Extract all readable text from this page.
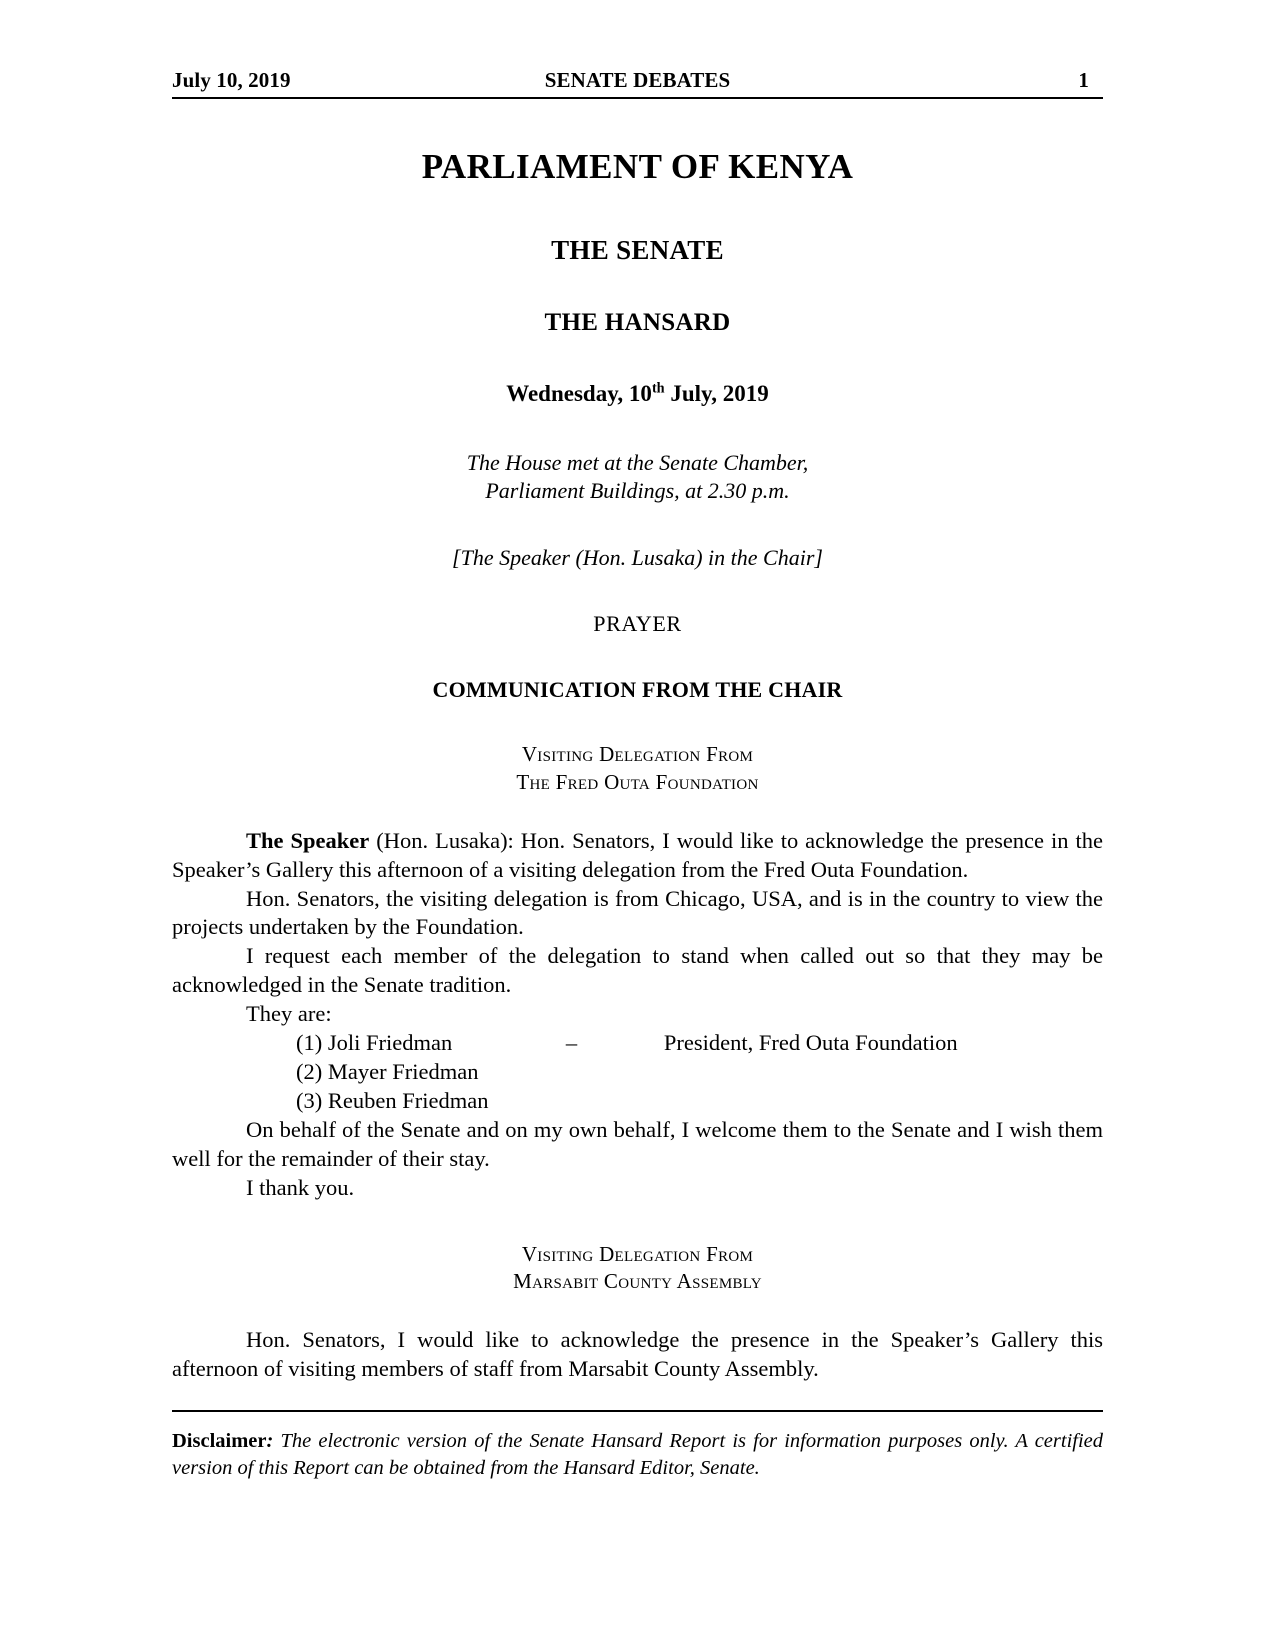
July 10, 2019	SENATE DEBATES	1
PARLIAMENT OF KENYA
THE SENATE
THE HANSARD
Wednesday, 10th July, 2019
The House met at the Senate Chamber,
Parliament Buildings, at 2.30 p.m.
[The Speaker (Hon. Lusaka) in the Chair]
PRAYER
COMMUNICATION FROM THE CHAIR
Visiting Delegation From
The Fred Outa Foundation

The Speaker (Hon. Lusaka): Hon. Senators, I would like to acknowledge the presence in the Speaker’s Gallery this afternoon of a visiting delegation from the Fred Outa Foundation.

Hon. Senators, the visiting delegation is from Chicago, USA, and is in the country to view the projects undertaken by the Foundation.

I request each member of the delegation to stand when called out so that they may be acknowledged in the Senate tradition.

They are:

(1)
Joli Friedman	–	President, Fred Outa Foundation
(2)
Mayer Friedman
(3)
Reuben Friedman

On behalf of the Senate and on my own behalf, I welcome them to the Senate and I wish them well for the remainder of their stay.

I thank you.

Visiting Delegation From
Marsabit County Assembly

Hon. Senators, I would like to acknowledge the presence in the Speaker’s Gallery this afternoon of visiting members of staff from Marsabit County Assembly.

Disclaimer: The electronic version of the Senate Hansard Report is for information purposes only. A certified version of this Report can be obtained from the Hansard Editor, Senate.
